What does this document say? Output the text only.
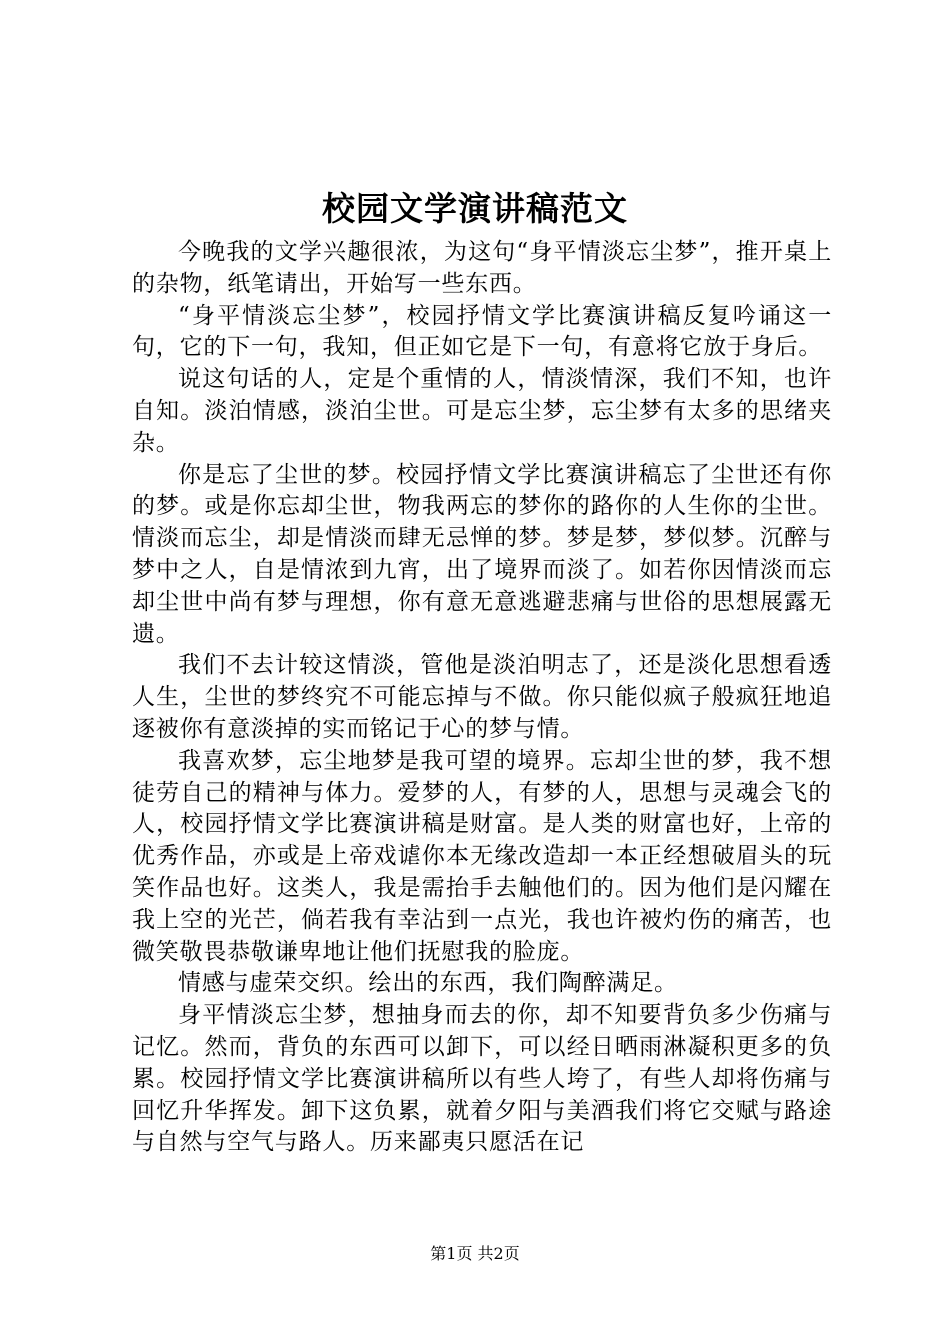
校园文学演讲稿范文

今晚我的文学兴趣很浓，为这句“身平情淡忘尘梦”，推开桌上的杂物，纸笔请出，开始写一些东西。

“身平情淡忘尘梦”，校园抒情文学比赛演讲稿反复吟诵这一句，它的下一句，我知，但正如它是下一句，有意将它放于身后。

说这句话的人，定是个重情的人，情淡情深，我们不知，也许自知。淡泊情感，淡泊尘世。可是忘尘梦，忘尘梦有太多的思绪夹杂。

你是忘了尘世的梦。校园抒情文学比赛演讲稿忘了尘世还有你的梦。或是你忘却尘世，物我两忘的梦你的路你的人生你的尘世。情淡而忘尘，却是情淡而肆无忌惮的梦。梦是梦，梦似梦。沉醉与梦中之人，自是情浓到九宵，出了境界而淡了。如若你因情淡而忘却尘世中尚有梦与理想，你有意无意逃避悲痛与世俗的思想展露无遗。

我们不去计较这情淡，管他是淡泊明志了，还是淡化思想看透人生，尘世的梦终究不可能忘掉与不做。你只能似疯子般疯狂地追逐被你有意淡掉的实而铭记于心的梦与情。

我喜欢梦，忘尘地梦是我可望的境界。忘却尘世的梦，我不想徒劳自己的精神与体力。爱梦的人，有梦的人，思想与灵魂会飞的人，校园抒情文学比赛演讲稿是财富。是人类的财富也好，上帝的优秀作品，亦或是上帝戏谑你本无缘改造却一本正经想破眉头的玩笑作品也好。这类人，我是需抬手去触他们的。因为他们是闪耀在我上空的光芒，倘若我有幸沾到一点光，我也许被灼伤的痛苦，也微笑敬畏恭敬谦卑地让他们抚慰我的脸庞。

情感与虚荣交织。绘出的东西，我们陶醉满足。

身平情淡忘尘梦，想抽身而去的你，却不知要背负多少伤痛与记忆。然而，背负的东西可以卸下，可以经日晒雨淋凝积更多的负累。校园抒情文学比赛演讲稿所以有些人垮了，有些人却将伤痛与回忆升华挥发。卸下这负累，就着夕阳与美酒我们将它交赋与路途与自然与空气与路人。历来鄙夷只愿活在记

第1页 共2页
